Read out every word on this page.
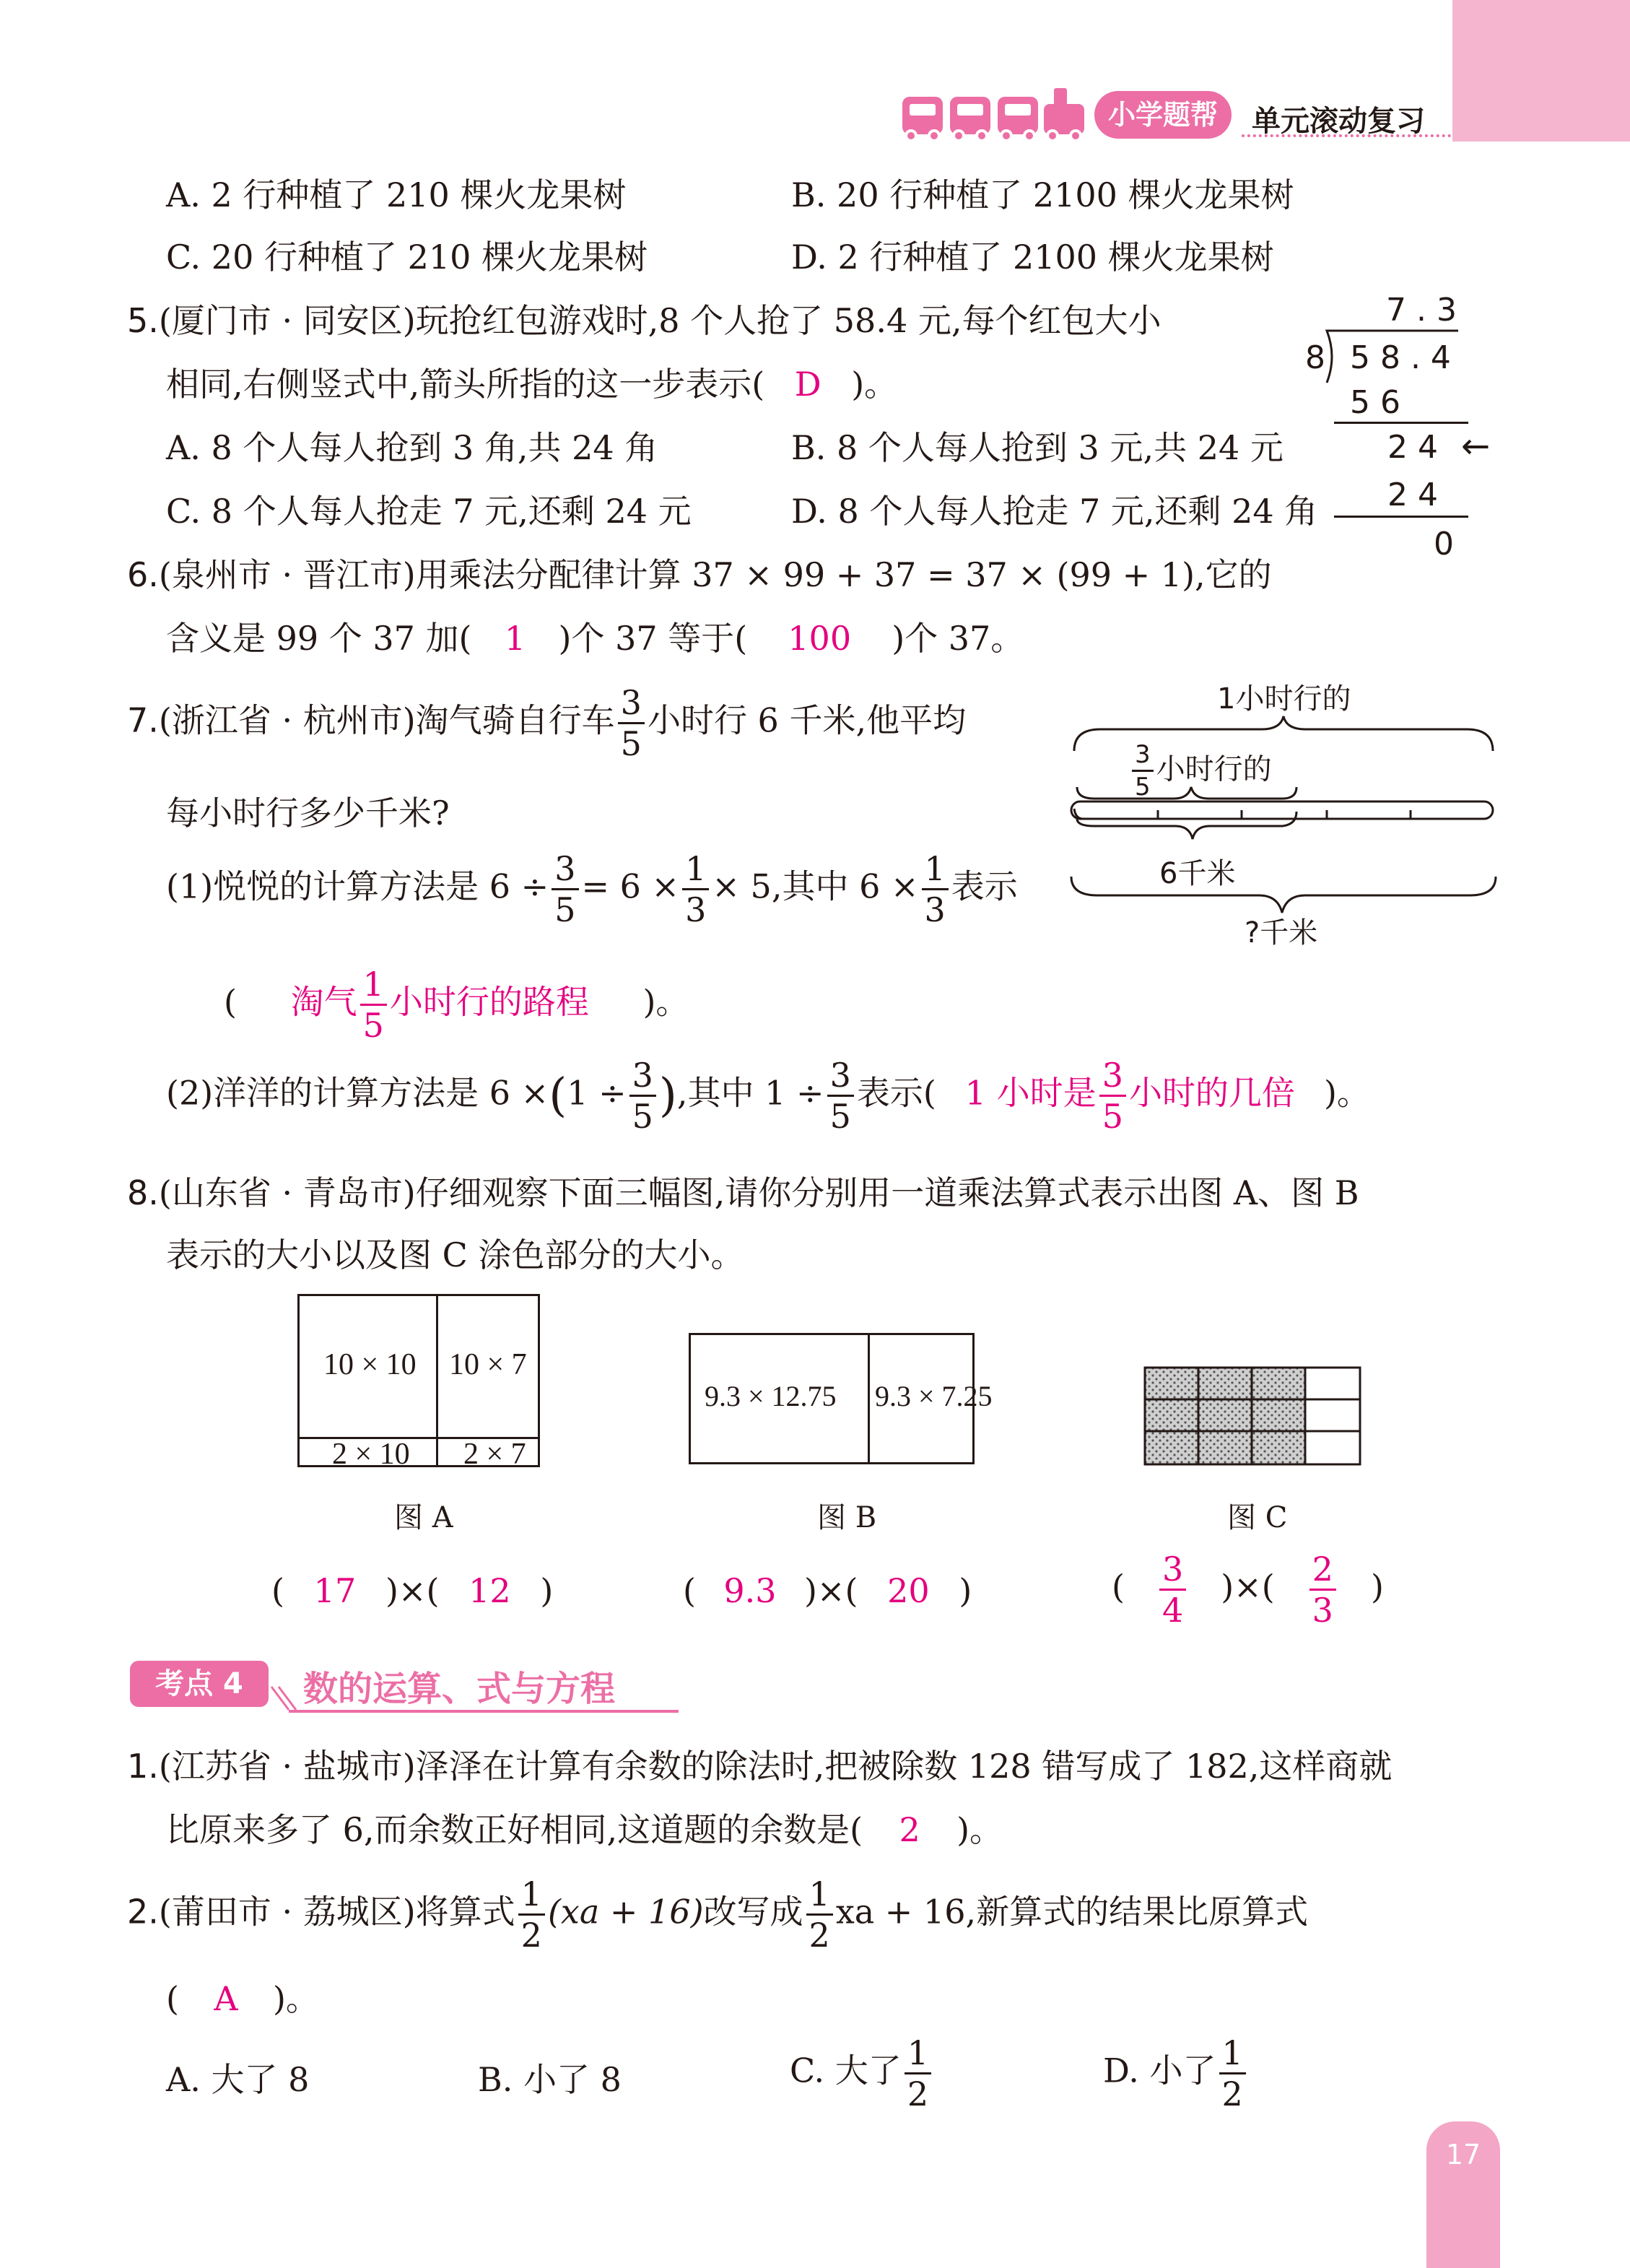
小学题帮	单元滚动复习
A. 2 行种植了 210 棵火龙果树	B. 20 行种植了 2100 棵火龙果树
C. 20 行种植了 210 棵火龙果树	D. 2 行种植了 2100 棵火龙果树
5.(厦门市 · 同安区)玩抢红包游戏时,8 个人抢了 58.4 元,每个红包大小
相同,右侧竖式中,箭头所指的这一步表示( D )。
A. 8 个人每人抢到 3 角,共 24 角	B. 8 个人每人抢到 3 元,共 24 元
C. 8 个人每人抢走 7 元,还剩 24 元	D. 8 个人每人抢走 7 元,还剩 24 角
7 . 3
8 5 8 . 4
5 6
2 4 ←
2 4
0
6.(泉州市 · 晋江市)用乘法分配律计算 37 × 99 + 37 = 37 × (99 + 1),它的
含义是 99 个 37 加( 1 )个 37 等于( 100 )个 37。
7.(浙江省 · 杭州市)淘气骑自行车 $\frac{3}{5}$ 小时行 6 千米,他平均
每小时行多少千米?
(1)悦悦的计算方法是 $6 \div \frac{3}{5} = 6 \times \frac{1}{3} \times 5$,其中 $6 \times \frac{1}{3}$ 表示
( 淘气 $\frac{1}{5}$ 小时行的路程 )。
(2)洋洋的计算方法是 $6 \times(1 \div \frac{3}{5}$ ),其中 $1 \div \frac{3}{5}$ 表示( 1 小时是 $\frac{3}{5}$ 小时的几倍 )。
1小时行的
$\frac{3}{5}$ 小时行的
6千米
?千米
8.(山东省 · 青岛市)仔细观察下面三幅图,请你分别用一道乘法算式表示出图 A、图 B
表示的大小以及图 C 涂色部分的大小。
10 × 10 10 × 7
2 × 10 2 × 7
图 A
9.3 × 12.75 9.3 × 7.25
图 B	图 C
( 17 )×( 12 )	( 9.3 )×( 20 )	( $\frac{3}{4}$ )×( $\frac{2}{3}$ )
考点 4	数的运算、式与方程
1.(江苏省 · 盐城市)泽泽在计算有余数的除法时,把被除数 128 错写成了 182,这样商就
比原来多了 6,而余数正好相同,这道题的余数是( 2 )。
2.(莆田市 · 荔城区)将算式 $\frac{1}{2} (xa + 16)$改写成 $\frac{1}{2}$ xa + 16,新算式的结果比原算式
( A )。
A. 大了 8	B. 小了 8	C. 大了 $\frac{1}{2}$	D. 小了 $\frac{1}{2}$
17
